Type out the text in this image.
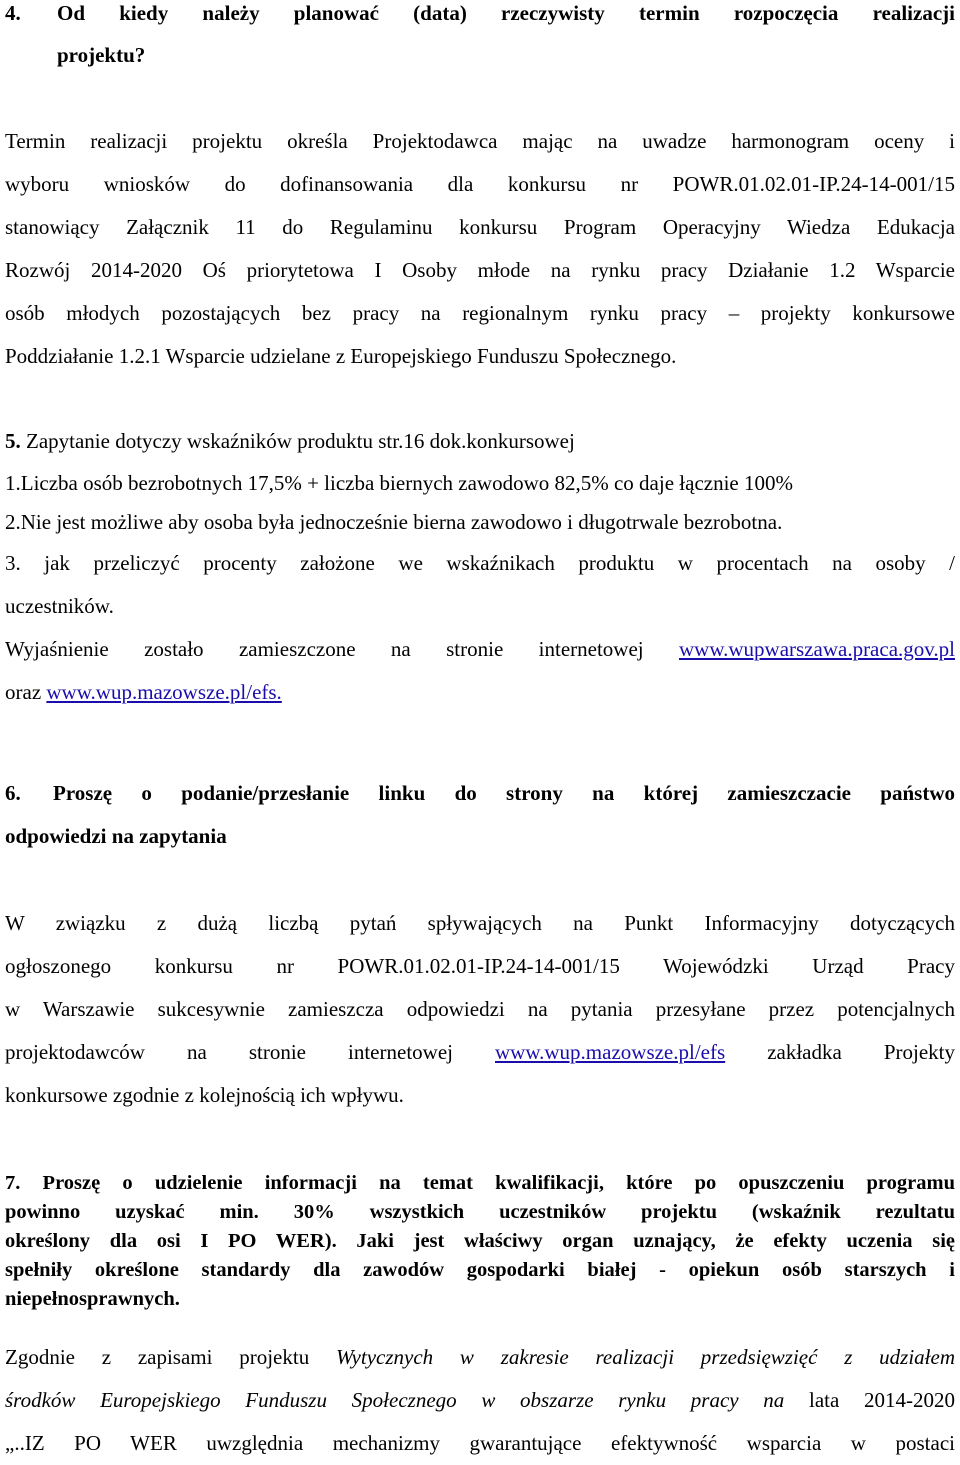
4. Od kiedy należy planować (data) rzeczywisty termin rozpoczęcia realizacji
projektu?
Termin realizacji projektu określa Projektodawca mając na uwadze harmonogram oceny i
wyboru wniosków do dofinansowania dla konkursu nr POWR.01.02.01-IP.24-14-001/15
stanowiący Załącznik 11 do Regulaminu konkursu Program Operacyjny Wiedza Edukacja
Rozwój 2014-2020 Oś priorytetowa I Osoby młode na rynku pracy Działanie 1.2 Wsparcie
osób młodych pozostających bez pracy na regionalnym rynku pracy – projekty konkursowe
Poddziałanie 1.2.1 Wsparcie udzielane z Europejskiego Funduszu Społecznego.
5. Zapytanie dotyczy wskaźników produktu str.16 dok.konkursowej
1.Liczba osób bezrobotnych 17,5% + liczba biernych zawodowo 82,5% co daje łącznie 100%
2.Nie jest możliwe aby osoba była jednocześnie bierna zawodowo i długotrwale bezrobotna.
3. jak przeliczyć procenty założone we wskaźnikach produktu w procentach na osoby /
uczestników.
Wyjaśnienie zostało zamieszczone na stronie internetowej www.wupwarszawa.praca.gov.pl
oraz www.wup.mazowsze.pl/efs.
6. Proszę o podanie/przesłanie linku do strony na której zamieszczacie państwo
odpowiedzi na zapytania
W związku z dużą liczbą pytań spływających na Punkt Informacyjny dotyczących
ogłoszonego konkursu nr POWR.01.02.01-IP.24-14-001/15 Wojewódzki Urząd Pracy
w Warszawie sukcesywnie zamieszcza odpowiedzi na pytania przesyłane przez potencjalnych
projektodawców na stronie internetowej www.wup.mazowsze.pl/efs zakładka Projekty
konkursowe zgodnie z kolejnością ich wpływu.
7. Proszę o udzielenie informacji na temat kwalifikacji, które po opuszczeniu programu
powinno uzyskać min. 30% wszystkich uczestników projektu (wskaźnik rezultatu
określony dla osi I PO WER). Jaki jest właściwy organ uznający, że efekty uczenia się
spełniły określone standardy dla zawodów gospodarki białej - opiekun osób starszych i
niepełnosprawnych.
Zgodnie z zapisami projektu Wytycznych w zakresie realizacji przedsięwzięć z udziałem
środków Europejskiego Funduszu Społecznego w obszarze rynku pracy na lata 2014-2020
„..IZ PO WER uwzględnia mechanizmy gwarantujące efektywność wsparcia w postaci
